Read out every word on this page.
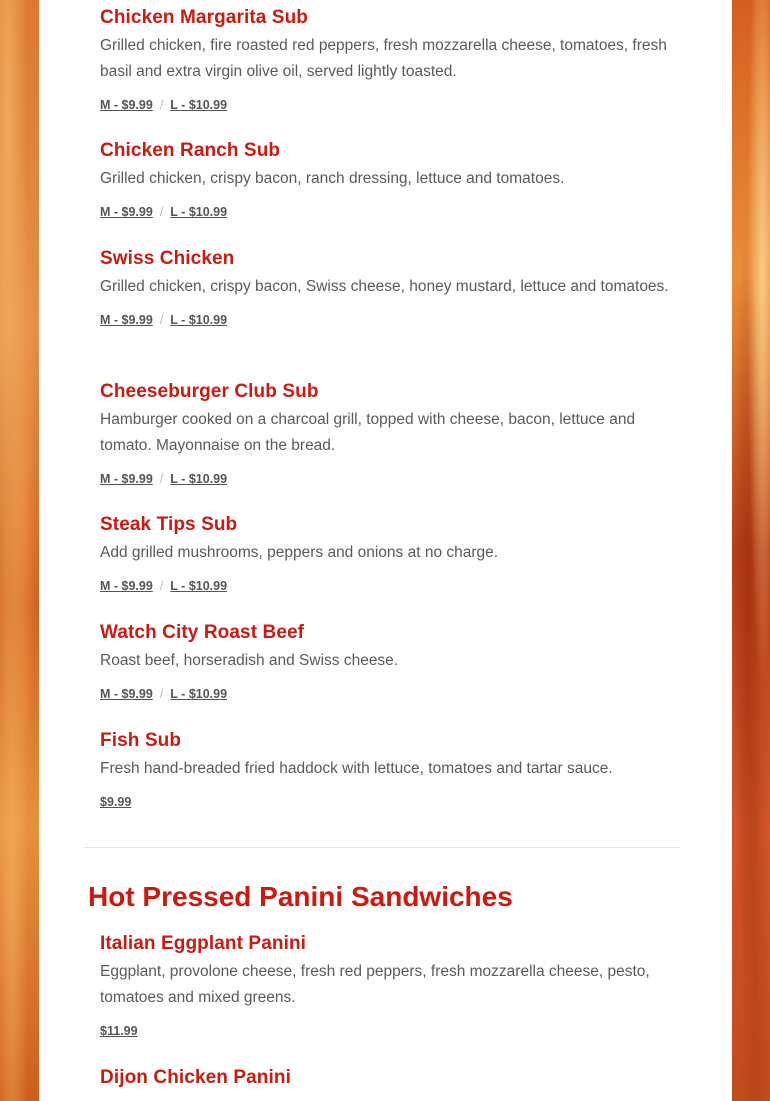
Chicken Margarita Sub

Grilled chicken, fire roasted red peppers, fresh mozzarella cheese, tomatoes, fresh basil and extra virgin olive oil, served lightly toasted.

M - $9.99 / L - $10.99
Chicken Ranch Sub

Grilled chicken, crispy bacon, ranch dressing, lettuce and tomatoes.

M - $9.99 / L - $10.99
Swiss Chicken

Grilled chicken, crispy bacon, Swiss cheese, honey mustard, lettuce and tomatoes.

M - $9.99 / L - $10.99
Cheeseburger Club Sub

Hamburger cooked on a charcoal grill, topped with cheese, bacon, lettuce and tomato. Mayonnaise on the bread.

M - $9.99 / L - $10.99
Steak Tips Sub

Add grilled mushrooms, peppers and onions at no charge.

M - $9.99 / L - $10.99
Watch City Roast Beef

Roast beef, horseradish and Swiss cheese.

M - $9.99 / L - $10.99
Fish Sub

Fresh hand-breaded fried haddock with lettuce, tomatoes and tartar sauce.

$9.99
Hot Pressed Panini Sandwiches
Italian Eggplant Panini

Eggplant, provolone cheese, fresh red peppers, fresh mozzarella cheese, pesto, tomatoes and mixed greens.

$11.99
Dijon Chicken Panini
